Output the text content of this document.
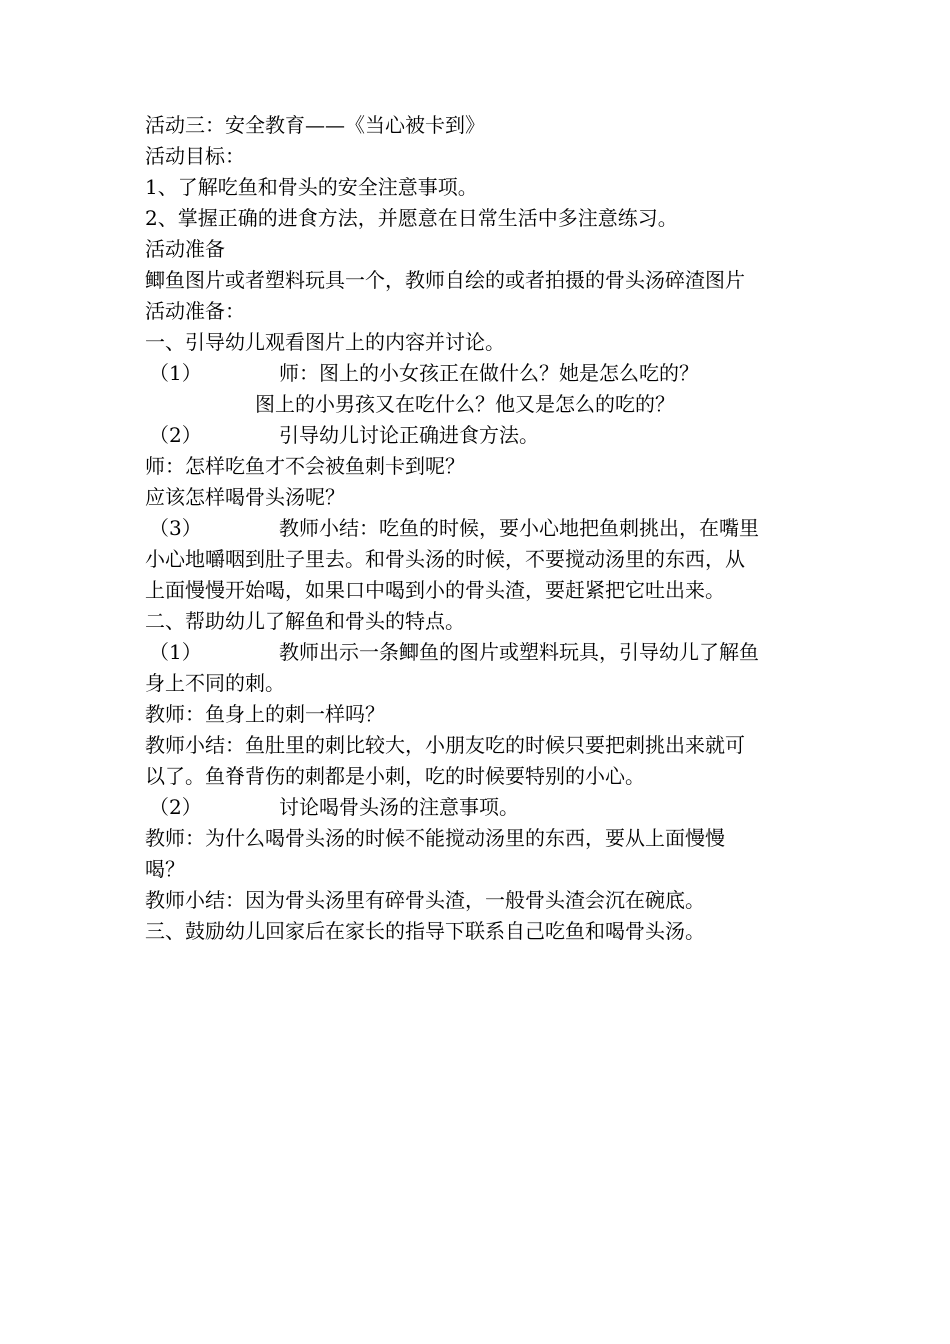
活动三：安全教育——《当心被卡到》
活动目标：
1、了解吃鱼和骨头的安全注意事项。
2、掌握正确的进食方法，并愿意在日常生活中多注意练习。
活动准备
鲫鱼图片或者塑料玩具一个，教师自绘的或者拍摄的骨头汤碎渣图片
活动准备：
一、引导幼儿观看图片上的内容并讨论。
（1）	师：图上的小女孩正在做什么？她是怎么吃的？
图上的小男孩又在吃什么？他又是怎么的吃的？
（2）	引导幼儿讨论正确进食方法。
师：怎样吃鱼才不会被鱼刺卡到呢？
应该怎样喝骨头汤呢？
（3）	教师小结：吃鱼的时候，要小心地把鱼刺挑出，在嘴里
小心地嚼咽到肚子里去。和骨头汤的时候，不要搅动汤里的东西，从
上面慢慢开始喝，如果口中喝到小的骨头渣，要赶紧把它吐出来。
二、帮助幼儿了解鱼和骨头的特点。
（1）	教师出示一条鲫鱼的图片或塑料玩具，引导幼儿了解鱼
身上不同的刺。
教师：鱼身上的刺一样吗？
教师小结：鱼肚里的刺比较大，小朋友吃的时候只要把刺挑出来就可
以了。鱼脊背伤的刺都是小刺，吃的时候要特别的小心。
（2）	讨论喝骨头汤的注意事项。
教师：为什么喝骨头汤的时候不能搅动汤里的东西，要从上面慢慢
喝？
教师小结：因为骨头汤里有碎骨头渣，一般骨头渣会沉在碗底。
三、鼓励幼儿回家后在家长的指导下联系自己吃鱼和喝骨头汤。
